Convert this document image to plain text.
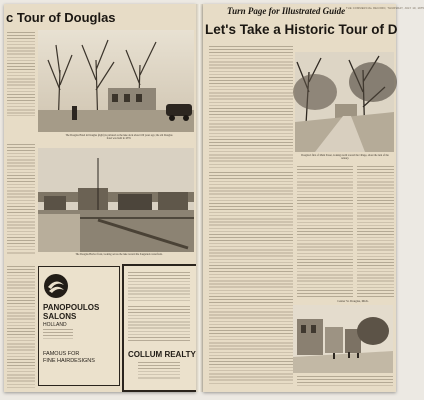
c Tour of Douglas
The Douglas Hotel in Douglas (right) is pictured as the lake dock about 100 years ago; the old Douglas hotel was built in 1870.
The Douglas Harbor front, looking across the lake toward the Saugatuck waterfront.
PANOPOULOS
SALONS
HOLLAND
FAMOUS FOR
FINE HAIRDESIGNS
COLLUM REALTY
Turn Page for Illustrated Guide THE COMMERCIAL RECORD, THURSDAY, JULY 10, 1975
Let's Take a Historic Tour of D
Douglas's first of Main Street, looking north toward the village, about the turn of the century.
Center St. Douglas, Mich.
